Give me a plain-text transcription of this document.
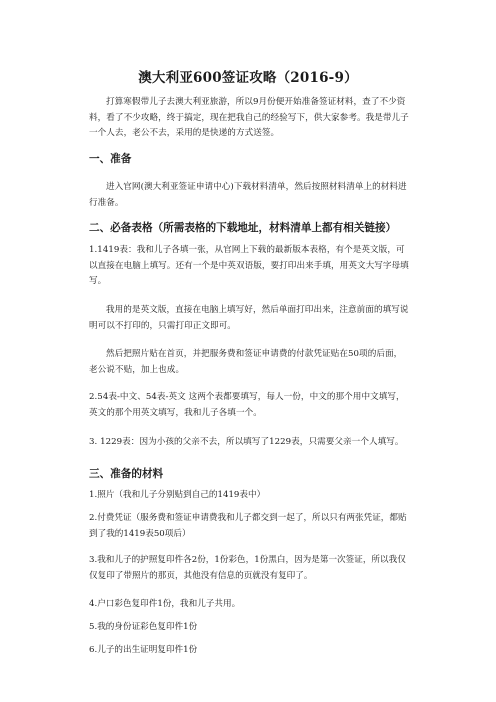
澳大利亚600签证攻略（2016-9）

打算寒假带儿子去澳大利亚旅游，所以9月份便开始准备签证材料，查了不少资料，看了不少攻略，终于搞定，现在把我自己的经验写下，供大家参考。我是带儿子一个人去，老公不去，采用的是快递的方式送签。

一、准备

进入官网(澳大利亚签证申请中心)下载材料清单，然后按照材料清单上的材料进行准备。

二、必备表格（所需表格的下载地址，材料清单上都有相关链接）

1.1419表：我和儿子各填一张，从官网上下载的最新版本表格，有个是英文版，可以直接在电脑上填写。还有一个是中英双语版，要打印出来手填，用英文大写字母填写。

我用的是英文版，直接在电脑上填写好，然后单面打印出来，注意前面的填写说明可以不打印的，只需打印正文即可。

然后把照片贴在首页，并把服务费和签证申请费的付款凭证贴在50项的后面，老公说不贴，加上也成。

2.54表-中文、54表-英文 这两个表都要填写，每人一份，中文的那个用中文填写，英文的那个用英文填写，我和儿子各填一个。

3. 1229表：因为小孩的父亲不去，所以填写了1229表，只需要父亲一个人填写。

三、准备的材料

1.照片（我和儿子分别贴到自己的1419表中）

2.付费凭证（服务费和签证申请费我和儿子都交到一起了，所以只有两张凭证，都贴到了我的1419表50项后）

3.我和儿子的护照复印件各2份，1份彩色，1份黑白，因为是第一次签证，所以我仅仅复印了带照片的那页，其他没有信息的页就没有复印了。

4.户口彩色复印件1份，我和儿子共用。

5.我的身份证彩色复印件1份

6.儿子的出生证明复印件1份
